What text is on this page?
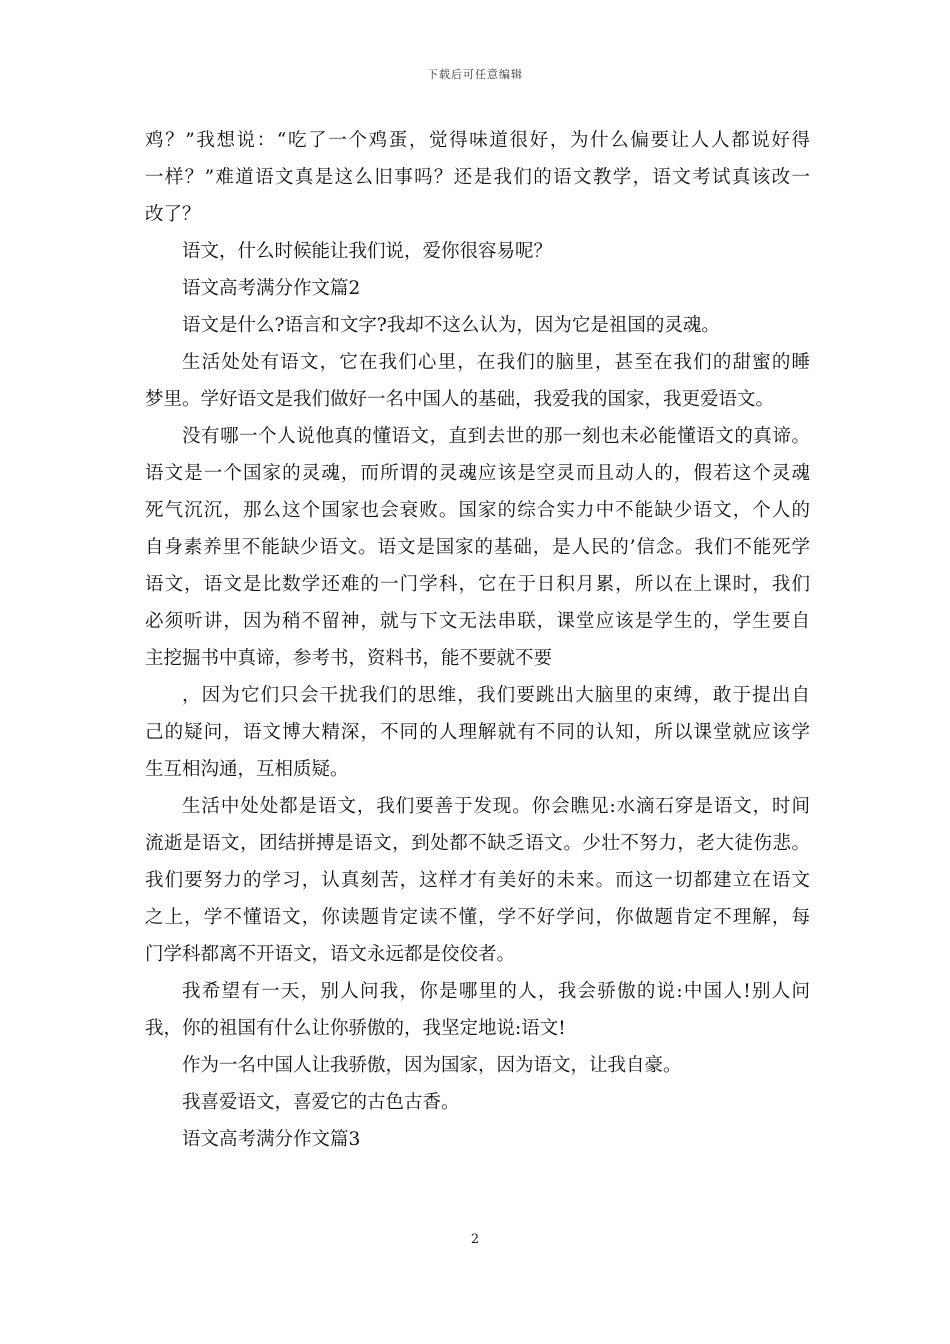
下载后可任意编辑
鸡？”我想说：“吃了一个鸡蛋，觉得味道很好，为什么偏要让人人都说好得
一样？”难道语文真是这么旧事吗？还是我们的语文教学，语文考试真该改一
改了？
语文，什么时候能让我们说，爱你很容易呢？
语文高考满分作文篇2
语文是什么?语言和文字?我却不这么认为，因为它是祖国的灵魂。
生活处处有语文，它在我们心里，在我们的脑里，甚至在我们的甜蜜的睡
梦里。学好语文是我们做好一名中国人的基础，我爱我的国家，我更爱语文。
没有哪一个人说他真的懂语文，直到去世的那一刻也未必能懂语文的真谛。
语文是一个国家的灵魂，而所谓的灵魂应该是空灵而且动人的，假若这个灵魂
死气沉沉，那么这个国家也会衰败。国家的综合实力中不能缺少语文，个人的
自身素养里不能缺少语文。语文是国家的基础，是人民的’信念。我们不能死学
语文，语文是比数学还难的一门学科，它在于日积月累，所以在上课时，我们
必须听讲，因为稍不留神，就与下文无法串联，课堂应该是学生的，学生要自
主挖掘书中真谛，参考书，资料书，能不要就不要
，因为它们只会干扰我们的思维，我们要跳出大脑里的束缚，敢于提出自
己的疑问，语文博大精深，不同的人理解就有不同的认知，所以课堂就应该学
生互相沟通，互相质疑。
生活中处处都是语文，我们要善于发现。你会瞧见:水滴石穿是语文，时间
流逝是语文，团结拼搏是语文，到处都不缺乏语文。少壮不努力，老大徒伤悲。
我们要努力的学习，认真刻苦，这样才有美好的未来。而这一切都建立在语文
之上，学不懂语文，你读题肯定读不懂，学不好学问，你做题肯定不理解，每
门学科都离不开语文，语文永远都是佼佼者。
我希望有一天，别人问我，你是哪里的人，我会骄傲的说:中国人!别人问
我，你的祖国有什么让你骄傲的，我坚定地说:语文!
作为一名中国人让我骄傲，因为国家，因为语文，让我自豪。
我喜爱语文，喜爱它的古色古香。
语文高考满分作文篇3
2
